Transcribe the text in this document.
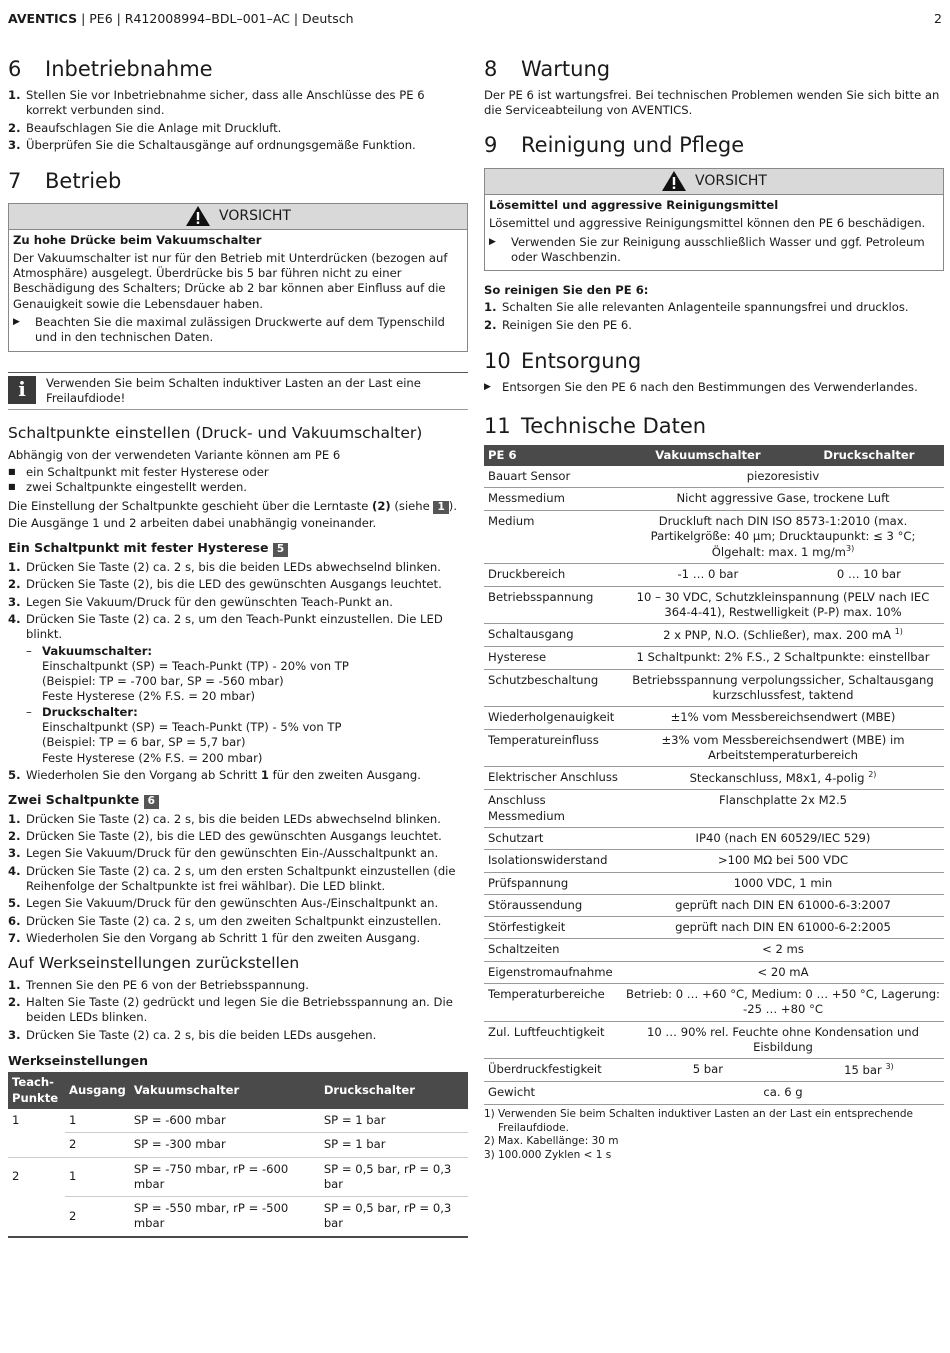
AVENTICS | PE6 | R412008994–BDL–001–AC | Deutsch	2
6	Inbetriebnahme
1. Stellen Sie vor Inbetriebnahme sicher, dass alle Anschlüsse des PE 6 korrekt verbunden sind.
2. Beaufschlagen Sie die Anlage mit Druckluft.
3. Überprüfen Sie die Schaltausgänge auf ordnungsgemäße Funktion.
7	Betrieb
VORSICHT
Zu hohe Drücke beim Vakuumschalter

Der Vakuumschalter ist nur für den Betrieb mit Unterdrücken (bezogen auf Atmosphäre) ausgelegt. Überdrücke bis 5 bar führen nicht zu einer Beschädigung des Schalters; Drücke ab 2 bar können aber Einfluss auf die Genauigkeit sowie die Lebensdauer haben.

▶	Beachten Sie die maximal zulässigen Druckwerte auf dem Typenschild und in den technischen Daten.
i	Verwenden Sie beim Schalten induktiver Lasten an der Last eine Freilaufdiode!
Schaltpunkte einstellen (Druck- und Vakuumschalter)

Abhängig von der verwendeten Variante können am PE 6

■ ein Schaltpunkt mit fester Hysterese oder
■ zwei Schaltpunkte eingestellt werden.

Die Einstellung der Schaltpunkte geschieht über die Lerntaste (2) (siehe 1 ).

Die Ausgänge 1 und 2 arbeiten dabei unabhängig voneinander.

Ein Schaltpunkt mit fester Hysterese 5
1. Drücken Sie Taste (2) ca. 2 s, bis die beiden LEDs abwechselnd blinken.
2. Drücken Sie Taste (2), bis die LED des gewünschten Ausgangs leuchtet.
3. Legen Sie Vakuum/Druck für den gewünschten Teach-Punkt an.
4. Drücken Sie Taste (2) ca. 2 s, um den Teach-Punkt einzustellen. Die LED blinkt.
– Vakuumschalter:
Einschaltpunkt (SP) = Teach-Punkt (TP) - 20% von TP
(Beispiel: TP = -700 bar, SP = -560 mbar)
Feste Hysterese (2% F.S. = 20 mbar)
– Druckschalter:
Einschaltpunkt (SP) = Teach-Punkt (TP) - 5% von TP
(Beispiel: TP = 6 bar, SP = 5,7 bar)
Feste Hysterese (2% F.S. = 200 mbar)
5. Wiederholen Sie den Vorgang ab Schritt 1 für den zweiten Ausgang.
Zwei Schaltpunkte 6
1. Drücken Sie Taste (2) ca. 2 s, bis die beiden LEDs abwechselnd blinken.
2. Drücken Sie Taste (2), bis die LED des gewünschten Ausgangs leuchtet.
3. Legen Sie Vakuum/Druck für den gewünschten Ein-/Ausschaltpunkt an.
4. Drücken Sie Taste (2) ca. 2 s, um den ersten Schaltpunkt einzustellen (die Reihenfolge der Schaltpunkte ist frei wählbar). Die LED blinkt.
5. Legen Sie Vakuum/Druck für den gewünschten Aus-/Einschaltpunkt an.
6. Drücken Sie Taste (2) ca. 2 s, um den zweiten Schaltpunkt einzustellen.
7. Wiederholen Sie den Vorgang ab Schritt 1 für den zweiten Ausgang.
Auf Werkseinstellungen zurückstellen
1. Trennen Sie den PE 6 von der Betriebsspannung.
2. Halten Sie Taste (2) gedrückt und legen Sie die Betriebsspannung an. Die beiden LEDs blinken.
3. Drücken Sie Taste (2) ca. 2 s, bis die beiden LEDs ausgehen.
Werkseinstellungen
Teach-Punkte	Ausgang	Vakuumschalter	Druckschalter
1	1	SP = -600 mbar	SP = 1 bar
	2	SP = -300 mbar	SP = 1 bar
2	1	SP = -750 mbar, rP = -600 mbar	SP = 0,5 bar, rP = 0,3 bar
	2	SP = -550 mbar, rP = -500 mbar	SP = 0,5 bar, rP = 0,3 bar
8	Wartung

Der PE 6 ist wartungsfrei. Bei technischen Problemen wenden Sie sich bitte an die Serviceabteilung von AVENTICS.

9	Reinigung und Pflege
VORSICHT
Lösemittel und aggressive Reinigungsmittel

Lösemittel und aggressive Reinigungsmittel können den PE 6 beschädigen.

▶	Verwenden Sie zur Reinigung ausschließlich Wasser und ggf. Petroleum oder Waschbenzin.

So reinigen Sie den PE 6:

1. Schalten Sie alle relevanten Anlagenteile spannungsfrei und drucklos.
2. Reinigen Sie den PE 6.
10 Entsorgung
▶ Entsorgen Sie den PE 6 nach den Bestimmungen des Verwenderlandes.
11 Technische Daten
PE 6	Vakuumschalter	Druckschalter
Bauart Sensor	piezoresistiv	
Messmedium	Nicht aggressive Gase, trockene Luft	
Medium	Druckluft nach DIN ISO 8573-1:2010 (max. Partikelgröße: 40 µm; Drucktaupunkt: ≤ 3 °C; Ölgehalt: max. 1 $mg/m^{3)}$
Druckbereich	-1 … 0 bar	0 … 10 bar
Betriebsspannung	10 – 30 VDC, Schutzkleinspannung (PELV nach IEC 364-4-41), Restwelligkeit (P-P) max. 10%	
Schaltausgang	2 x PNP, N.O. (Schließer), max. 200 mA $^{1)}$
Hysterese	1 Schaltpunkt: 2% F.S., 2 Schaltpunkte: einstellbar	
Schutzbeschaltung	Betriebsspannung verpolungssicher, Schaltausgang kurzschlussfest, taktend	
Wiederholgenauigkeit	±1% vom Messbereichsendwert (MBE)	
Temperatureinfluss	±3% vom Messbereichsendwert (MBE) im Arbeitstemperaturbereich	
Elektrischer Anschluss	Steckanschluss, M8x1, 4-polig $^{2)}$
Anschluss Messmedium	Flanschplatte 2x M2.5	
Schutzart	IP40 (nach EN 60529/IEC 529)	
Isolationswiderstand	>100 MΩ bei 500 VDC	
Prüfspannung	1000 VDC, 1 min	
Störaussendung	geprüft nach DIN EN 61000-6-3:2007	
Störfestigkeit	geprüft nach DIN EN 61000-6-2:2005	
Schaltzeiten	< 2 ms	
Eigenstromaufnahme	< 20 mA	
Temperaturbereiche	Betrieb: 0 … +60 °C, Medium: 0 … +50 °C, Lagerung: -25 … +80 °C	
Zul. Luftfeuchtigkeit	10 … 90% rel. Feuchte ohne Kondensation und Eisbildung	
Überdruckfestigkeit	5 bar	15 bar $^{3)}$
Gewicht	ca. 6 g	
1) Verwenden Sie beim Schalten induktiver Lasten an der Last ein entsprechende Freilaufdiode.
2) Max. Kabellänge: 30 m
3) 100.000 Zyklen < 1 s
